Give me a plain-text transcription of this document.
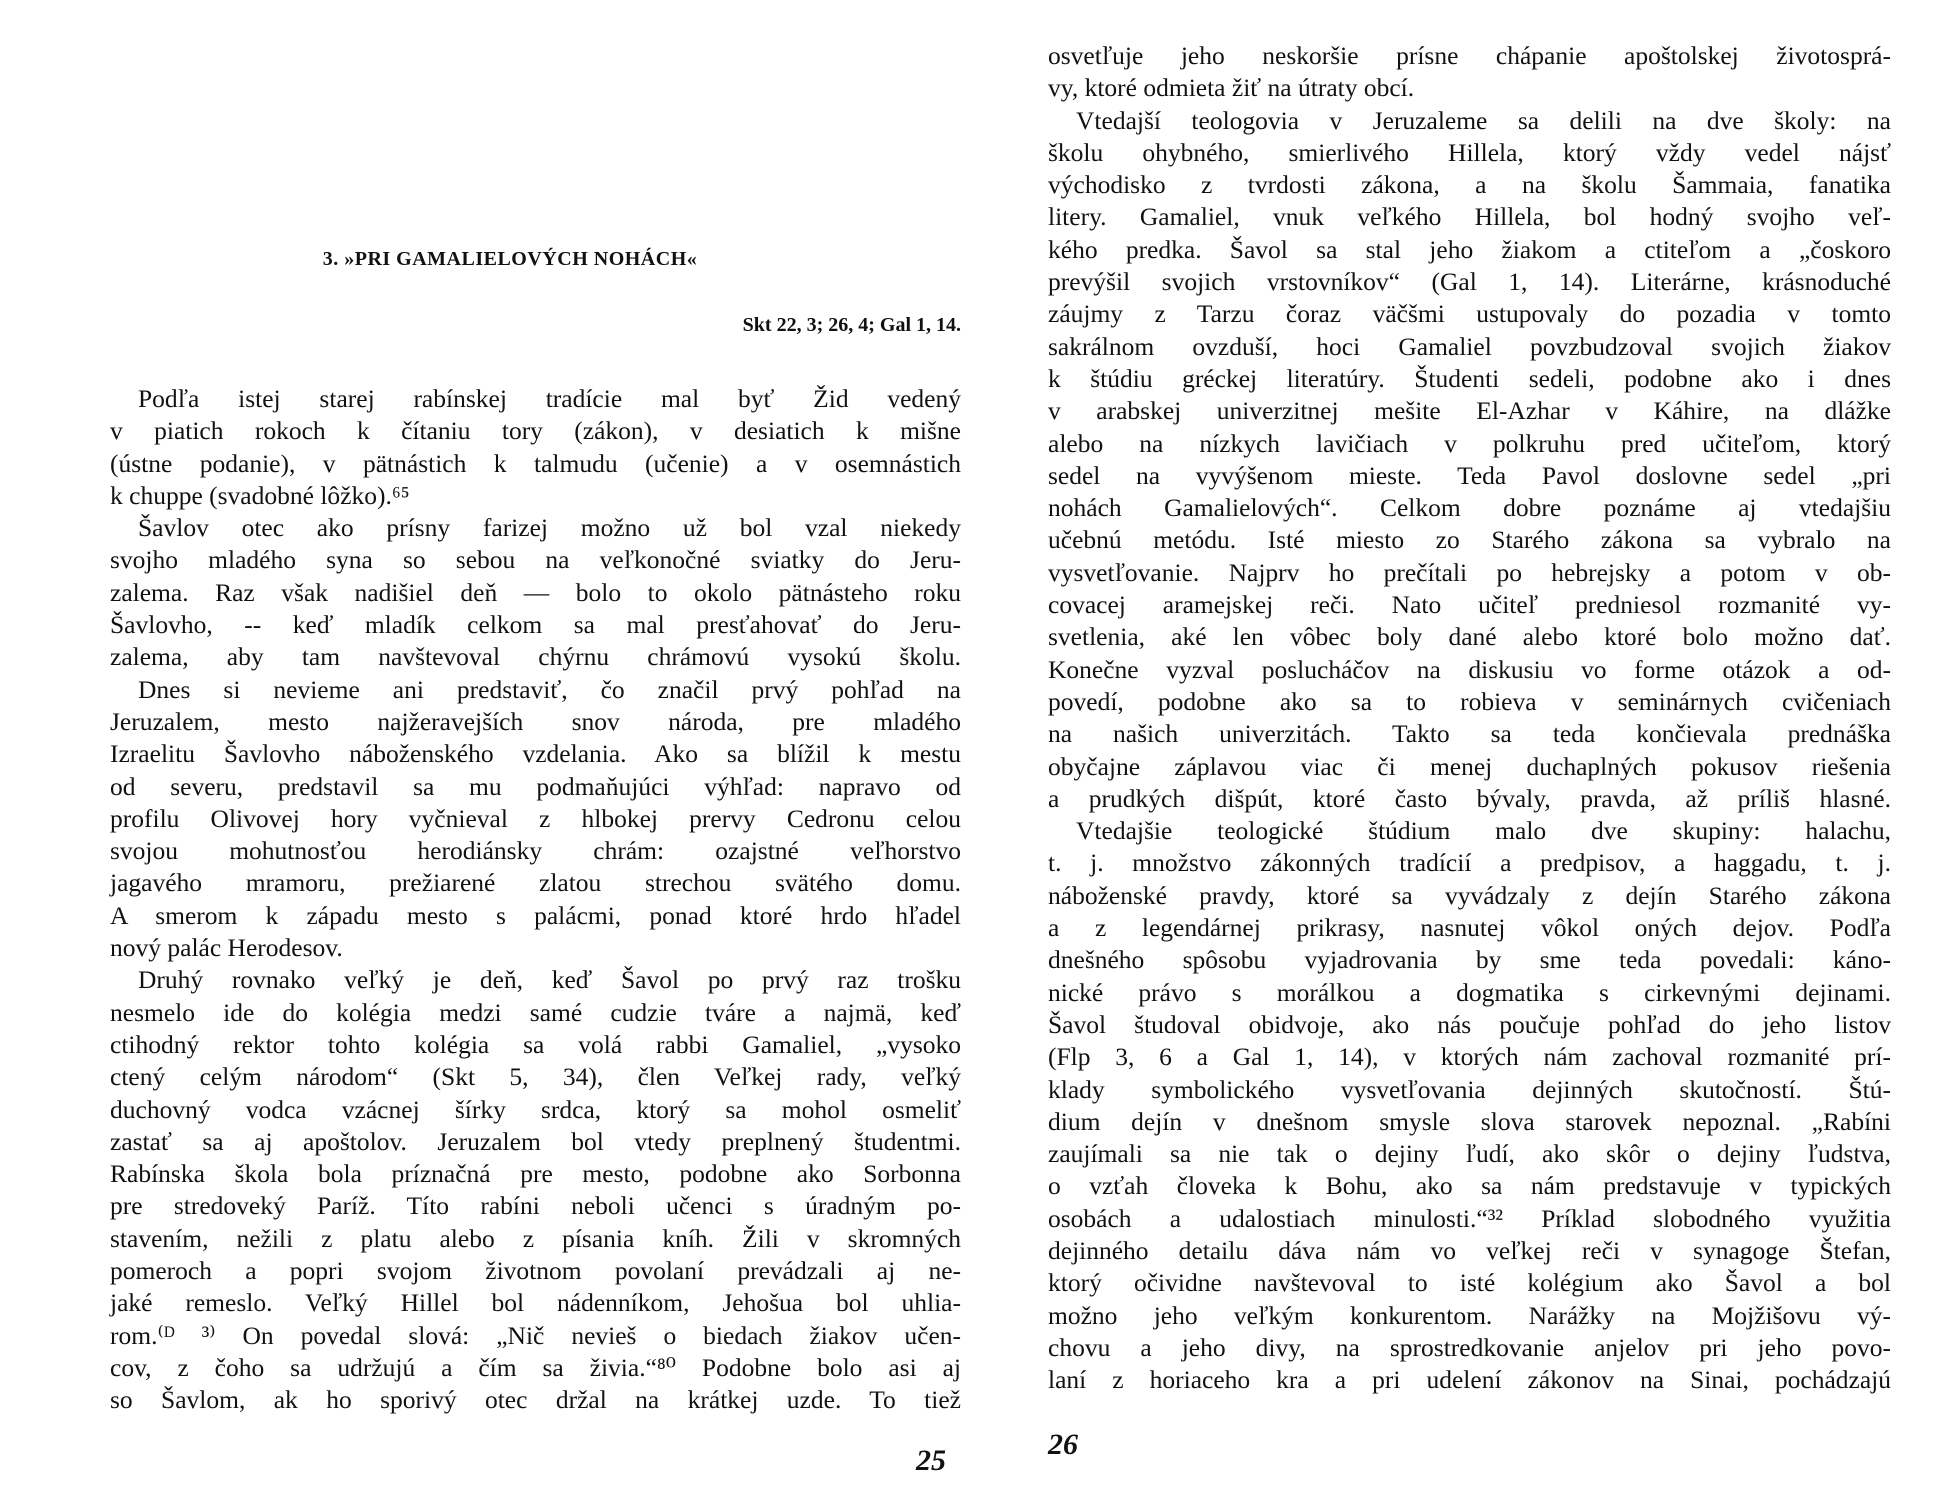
3. »PRI GAMALIELOVÝCH NOHÁCH«
Skt 22, 3; 26, 4; Gal 1, 14.
Podľa istej starej rabínskej tradície mal byť Žid vedený
v piatich rokoch k čítaniu tory (zákon), v desiatich k mišne
(ústne podanie), v pätnástich k talmudu (učenie) a v osemnástich
k chuppe (svadobné lôžko).⁶⁵
Šavlov otec ako prísny farizej možno už bol vzal niekedy
svojho mladého syna so sebou na veľkonočné sviatky do Jeru-
zalema. Raz však nadišiel deň — bolo to okolo pätnásteho roku
Šavlovho, -- keď mladík celkom sa mal presťahovať do Jeru-
zalema, aby tam navštevoval chýrnu chrámovú vysokú školu.
Dnes si nevieme ani predstaviť, čo značil prvý pohľad na
Jeruzalem, mesto najžeravejších snov národa, pre mladého
Izraelitu Šavlovho náboženského vzdelania. Ako sa blížil k mestu
od severu, predstavil sa mu podmaňujúci výhľad: napravo od
profilu Olivovej hory vyčnieval z hlbokej prervy Cedronu celou
svojou mohutnosťou herodiánsky chrám: ozajstné veľhorstvo
jagavého mramoru, prežiarené zlatou strechou svätého domu.
A smerom k západu mesto s palácmi, ponad ktoré hrdo hľadel
nový palác Herodesov.
Druhý rovnako veľký je deň, keď Šavol po prvý raz trošku
nesmelo ide do kolégia medzi samé cudzie tváre a najmä, keď
ctihodný rektor tohto kolégia sa volá rabbi Gamaliel, „vysoko
ctený celým národom“ (Skt 5, 34), člen Veľkej rady, veľký
duchovný vodca vzácnej šírky srdca, ktorý sa mohol osmeliť
zastať sa aj apoštolov. Jeruzalem bol vtedy preplnený študentmi.
Rabínska škola bola príznačná pre mesto, podobne ako Sorbonna
pre stredoveký Paríž. Títo rabíni neboli učenci s úradným po-
stavením, nežili z platu alebo z písania kníh. Žili v skromných
pomeroch a popri svojom životnom povolaní prevádzali aj ne-
jaké remeslo. Veľký Hillel bol nádenníkom, Jehošua bol uhlia-
rom.⁽ᴰ ³⁾ On povedal slová: „Nič nevieš o biedach žiakov učen-
cov, z čoho sa udržujú a čím sa živia.“⁸⁰ Podobne bolo asi aj
so Šavlom, ak ho sporivý otec držal na krátkej uzde. To tiež
osvetľuje jeho neskoršie prísne chápanie apoštolskej životosprá-
vy, ktoré odmieta žiť na útraty obcí.
Vtedajší teologovia v Jeruzaleme sa delili na dve školy: na
školu ohybného, smierlivého Hillela, ktorý vždy vedel nájsť
východisko z tvrdosti zákona, a na školu Šammaia, fanatika
litery. Gamaliel, vnuk veľkého Hillela, bol hodný svojho veľ-
kého predka. Šavol sa stal jeho žiakom a ctiteľom a „čoskoro
prevýšil svojich vrstovníkov“ (Gal 1, 14). Literárne, krásnoduché
záujmy z Tarzu čoraz väčšmi ustupovaly do pozadia v tomto
sakrálnom ovzduší, hoci Gamaliel povzbudzoval svojich žiakov
k štúdiu gréckej literatúry. Študenti sedeli, podobne ako i dnes
v arabskej univerzitnej mešite El-Azhar v Káhire, na dlážke
alebo na nízkych lavičiach v polkruhu pred učiteľom, ktorý
sedel na vyvýšenom mieste. Teda Pavol doslovne sedel „pri
nohách Gamalielových“. Celkom dobre poznáme aj vtedajšiu
učebnú metódu. Isté miesto zo Starého zákona sa vybralo na
vysvetľovanie. Najprv ho prečítali po hebrejsky a potom v ob-
covacej aramejskej reči. Nato učiteľ predniesol rozmanité vy-
svetlenia, aké len vôbec boly dané alebo ktoré bolo možno dať.
Konečne vyzval poslucháčov na diskusiu vo forme otázok a od-
povedí, podobne ako sa to robieva v seminárnych cvičeniach
na našich univerzitách. Takto sa teda končievala prednáška
obyčajne záplavou viac či menej duchaplných pokusov riešenia
a prudkých dišpút, ktoré často bývaly, pravda, až príliš hlasné.
Vtedajšie teologické štúdium malo dve skupiny: halachu,
t. j. množstvo zákonných tradícií a predpisov, a haggadu, t. j.
náboženské pravdy, ktoré sa vyvádzaly z dejín Starého zákona
a z legendárnej prikrasy, nasnutej vôkol oných dejov. Podľa
dnešného spôsobu vyjadrovania by sme teda povedali: káno-
nické právo s morálkou a dogmatika s cirkevnými dejinami.
Šavol študoval obidvoje, ako nás poučuje pohľad do jeho listov
(Flp 3, 6 a Gal 1, 14), v ktorých nám zachoval rozmanité prí-
klady symbolického vysvetľovania dejinných skutočností. Štú-
dium dejín v dnešnom smysle slova starovek nepoznal. „Rabíni
zaujímali sa nie tak o dejiny ľudí, ako skôr o dejiny ľudstva,
o vzťah človeka k Bohu, ako sa nám predstavuje v typických
osobách a udalostiach minulosti.“³² Príklad slobodného využitia
dejinného detailu dáva nám vo veľkej reči v synagoge Štefan,
ktorý očividne navštevoval to isté kolégium ako Šavol a bol
možno jeho veľkým konkurentom. Narážky na Mojžišovu vý-
chovu a jeho divy, na sprostredkovanie anjelov pri jeho povo-
laní z horiaceho kra a pri udelení zákonov na Sinai, pochádzajú
25	26
